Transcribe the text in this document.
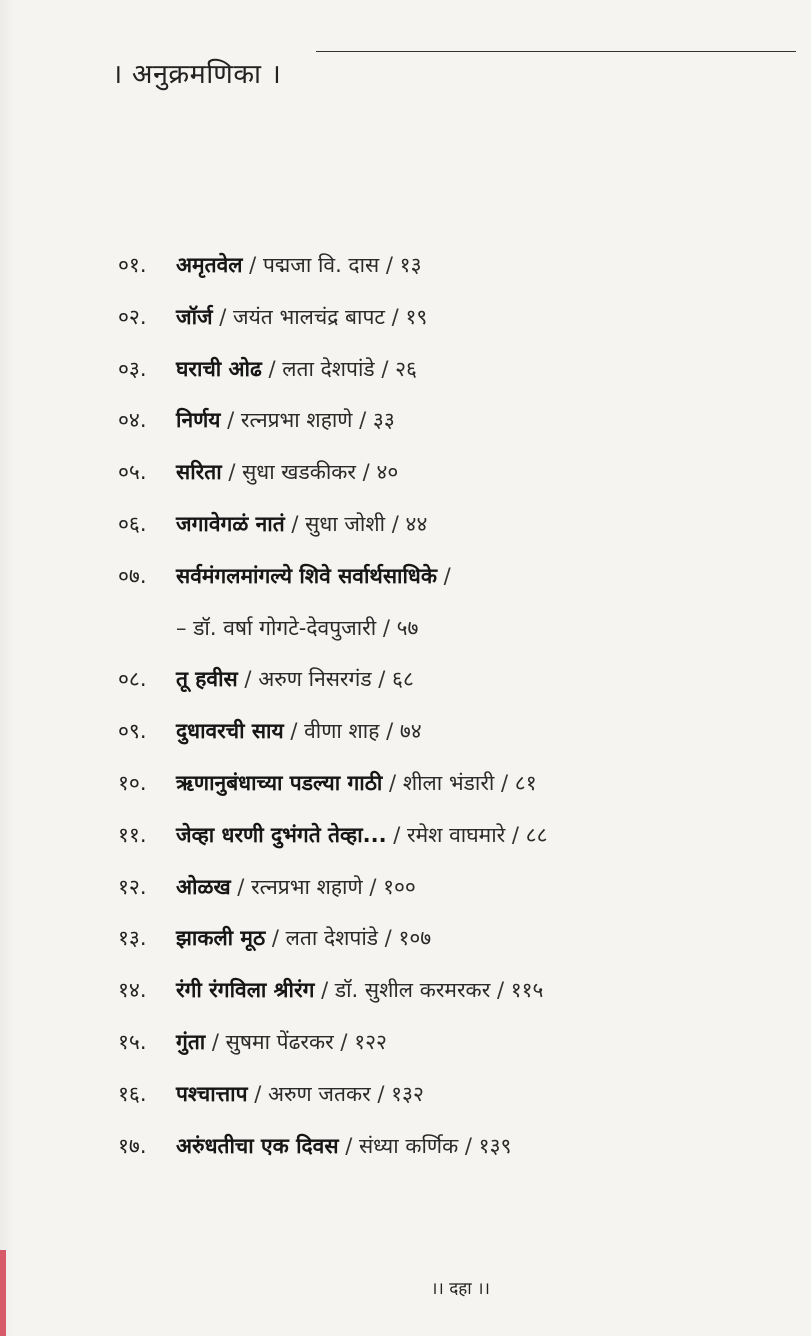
। अनुक्रमणिका ।
०१. अमृतवेल / पद्मजा वि. दास / १३
०२. जॉर्ज / जयंत भालचंद्र बापट / १९
०३. घराची ओढ / लता देशपांडे / २६
०४. निर्णय / रत्नप्रभा शहाणे / ३३
०५. सरिता / सुधा खडकीकर / ४०
०६. जगावेगळं नातं / सुधा जोशी / ४४
०७. सर्वमंगलमांगल्ये शिवे सर्वार्थसाधिके /
– डॉ. वर्षा गोगटे-देवपुजारी / ५७
०८. तू हवीस / अरुण निसरगंड / ६८
०९. दुधावरची साय / वीणा शाह / ७४
१०. ऋणानुबंधाच्या पडल्या गाठी / शीला भंडारी / ८१
११. जेव्हा धरणी दुभंगते तेव्हा... / रमेश वाघमारे / ८८
१२. ओळख / रत्नप्रभा शहाणे / १००
१३. झाकली मूठ / लता देशपांडे / १०७
१४. रंगी रंगविला श्रीरंग / डॉ. सुशील करमरकर / ११५
१५. गुंता / सुषमा पेंढरकर / १२२
१६. पश्चात्ताप / अरुण जतकर / १३२
१७. अरुंधतीचा एक दिवस / संध्या कर्णिक / १३९
।। दहा ।।
